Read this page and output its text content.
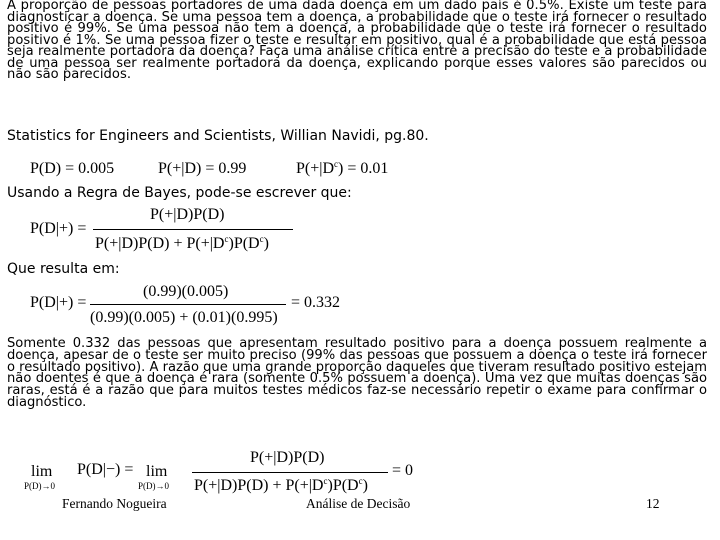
A proporção de pessoas portadores de uma dada doença em um dado país é 0.5%. Existe um teste para diagnosticar a doença. Se uma pessoa tem a doença, a probabilidade que o teste irá fornecer o resultado positivo é 99%. Se uma pessoa não tem a doença, a probabilidade que o teste irá fornecer o resultado positivo é 1%. Se uma pessoa fizer o teste e resultar em positivo, qual é a probabilidade que está pessoa seja realmente portadora da doença? Faça uma análise crítica entre a precisão do teste e a probabilidade de uma pessoa ser realmente portadora da doença, explicando porque esses valores são parecidos ou não são parecidos.

Statistics for Engineers and Scientists, Willian Navidi, pg.80.
P(D) = 0.005	P(+|D) = 0.99	$P(+|D^c) = 0.01$
Usando a Regra de Bayes, pode-se escrever que:
P(D|+) =
P(+|D)P(D)
$P(+|D)P(D) + P(+|D^c)P(D^c)$
Que resulta em:
P(D|+) =
(0.99)(0.005)
(0.99)(0.005) + (0.01)(0.995)
= 0.332
Somente 0.332 das pessoas que apresentam resultado positivo para a doença possuem realmente a doença, apesar de o teste ser muito preciso (99% das pessoas que possuem a doença o teste irá fornecer o resultado positivo). A razão que uma grande proporção daqueles que tiveram resultado positivo estejam não doentes é que a doença é rara (somente 0.5% possuem a doença). Uma vez que muitas doenças são raras, está é a razão que para muitos testes médicos faz-se necessário repetir o exame para confirmar o diagnóstico.
lim
P(D)→0
P(D|−) = lim
P(D)→0
P(+|D)P(D)
$P(+|D)P(D) + P(+|D^c)P(D^c)$
= 0
Fernando Nogueira	Análise de Decisão	12
